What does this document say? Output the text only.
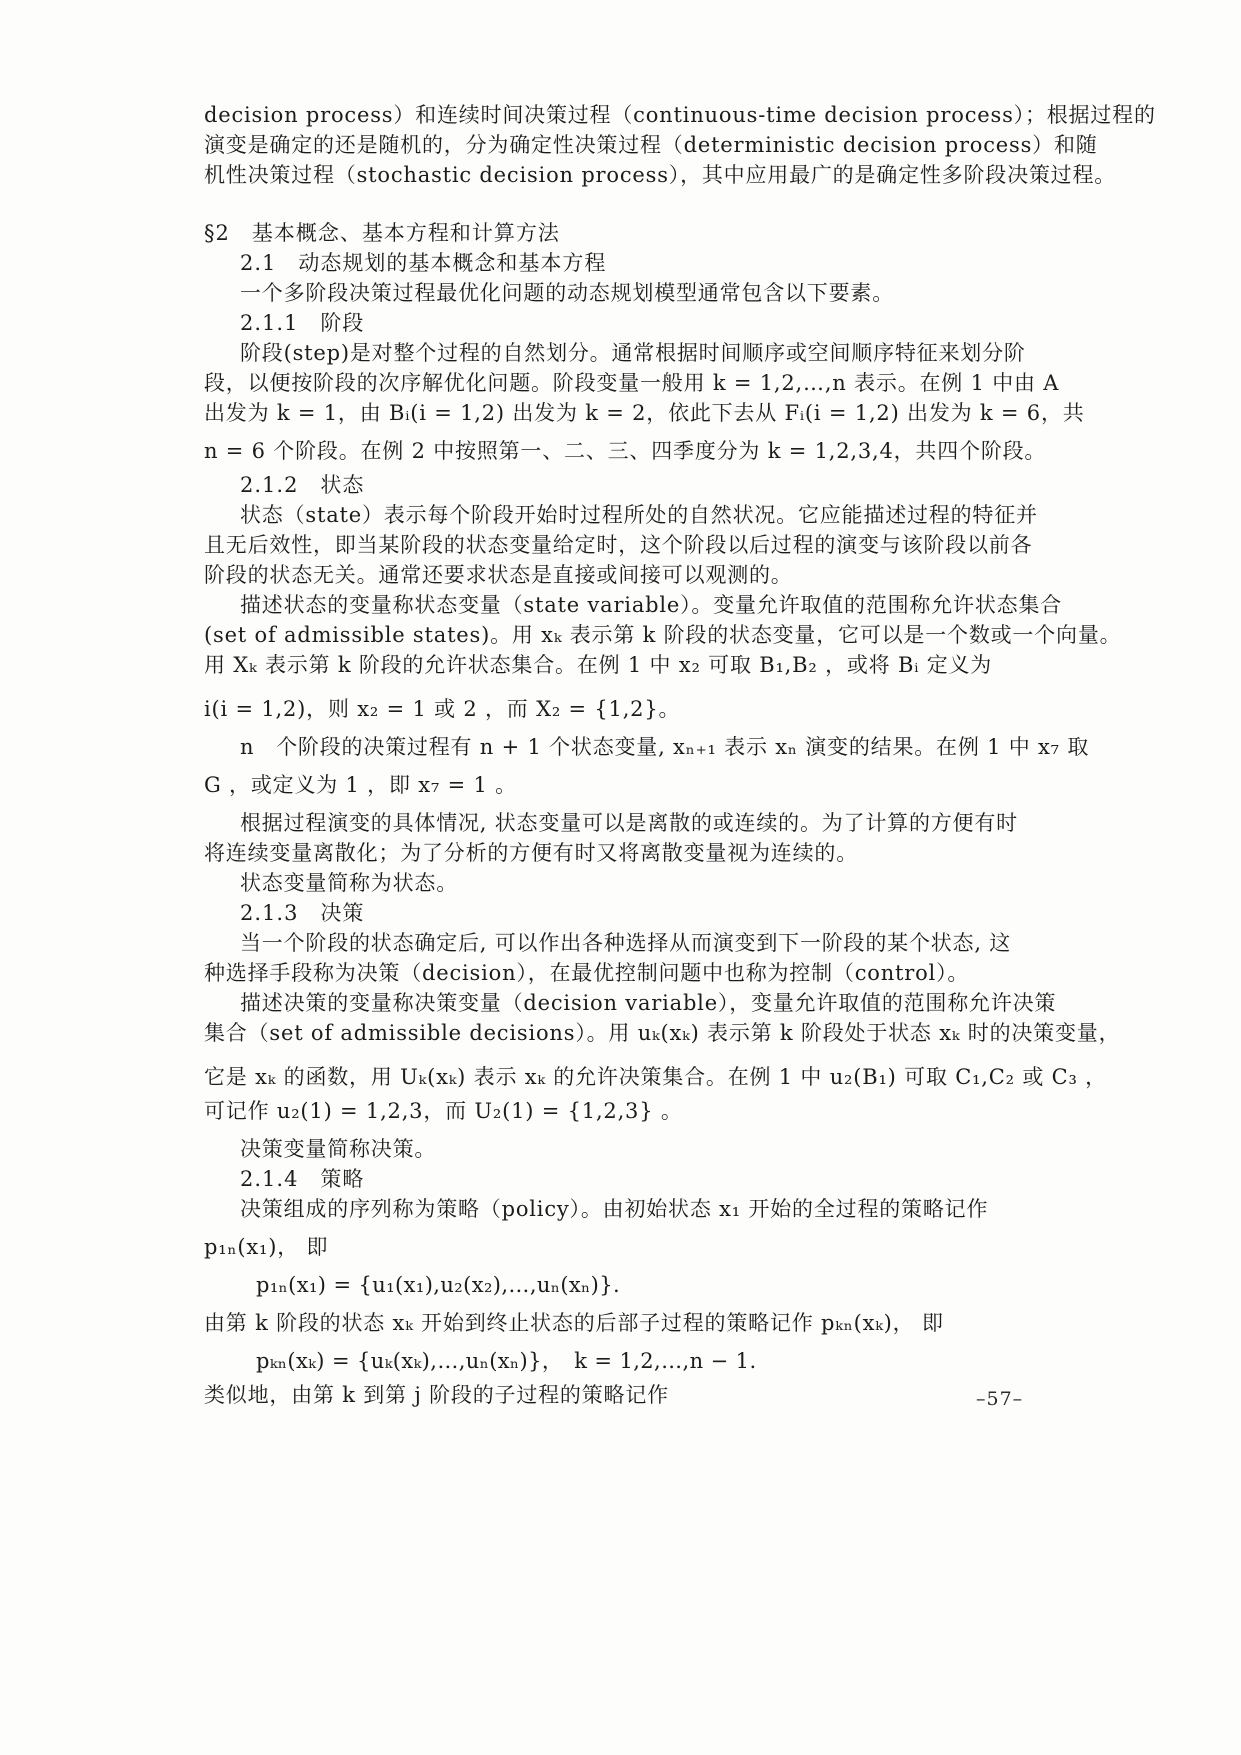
decision process）和连续时间决策过程（continuous-time decision process）；根据过程的
演变是确定的还是随机的，分为确定性决策过程（deterministic decision process）和随
机性决策过程（stochastic decision process），其中应用最广的是确定性多阶段决策过程。
§2　基本概念、基本方程和计算方法
2.1　动态规划的基本概念和基本方程
一个多阶段决策过程最优化问题的动态规划模型通常包含以下要素。
2.1.1　阶段
阶段(step)是对整个过程的自然划分。通常根据时间顺序或空间顺序特征来划分阶
段，以便按阶段的次序解优化问题。阶段变量一般用 k = 1,2,…,n 表示。在例 1 中由 A
出发为 k = 1，由 Bᵢ(i = 1,2) 出发为 k = 2，依此下去从 Fᵢ(i = 1,2) 出发为 k = 6，共
n = 6 个阶段。在例 2 中按照第一、二、三、四季度分为 k = 1,2,3,4，共四个阶段。
2.1.2　状态
状态（state）表示每个阶段开始时过程所处的自然状况。它应能描述过程的特征并
且无后效性，即当某阶段的状态变量给定时，这个阶段以后过程的演变与该阶段以前各
阶段的状态无关。通常还要求状态是直接或间接可以观测的。
描述状态的变量称状态变量（state variable）。变量允许取值的范围称允许状态集合
(set of admissible states)。用 xₖ 表示第 k 阶段的状态变量，它可以是一个数或一个向量。
用 Xₖ 表示第 k 阶段的允许状态集合。在例 1 中 x₂ 可取 B₁,B₂ ，或将 Bᵢ 定义为
i(i = 1,2)，则 x₂ = 1 或 2 ，而 X₂ = {1,2}。
n　个阶段的决策过程有 n + 1 个状态变量, xₙ₊₁ 表示 xₙ 演变的结果。在例 1 中 x₇ 取
G ，或定义为 1 ，即 x₇ = 1 。
根据过程演变的具体情况, 状态变量可以是离散的或连续的。为了计算的方便有时
将连续变量离散化；为了分析的方便有时又将离散变量视为连续的。
状态变量简称为状态。
2.1.3　决策
当一个阶段的状态确定后, 可以作出各种选择从而演变到下一阶段的某个状态, 这
种选择手段称为决策（decision），在最优控制问题中也称为控制（control）。
描述决策的变量称决策变量（decision variable），变量允许取值的范围称允许决策
集合（set of admissible decisions）。用 uₖ(xₖ) 表示第 k 阶段处于状态 xₖ 时的决策变量，
它是 xₖ 的函数，用 Uₖ(xₖ) 表示 xₖ 的允许决策集合。在例 1 中 u₂(B₁) 可取 C₁,C₂ 或 C₃ ，
可记作 u₂(1) = 1,2,3，而 U₂(1) = {1,2,3} 。
决策变量简称决策。
2.1.4　策略
决策组成的序列称为策略（policy）。由初始状态 x₁ 开始的全过程的策略记作
p₁ₙ(x₁)， 即
p₁ₙ(x₁) = {u₁(x₁),u₂(x₂),…,uₙ(xₙ)}.
由第 k 阶段的状态 xₖ 开始到终止状态的后部子过程的策略记作 pₖₙ(xₖ)， 即
pₖₙ(xₖ) = {uₖ(xₖ),…,uₙ(xₙ)}，　k = 1,2,…,n − 1.
类似地，由第 k 到第 j 阶段的子过程的策略记作	–57–
